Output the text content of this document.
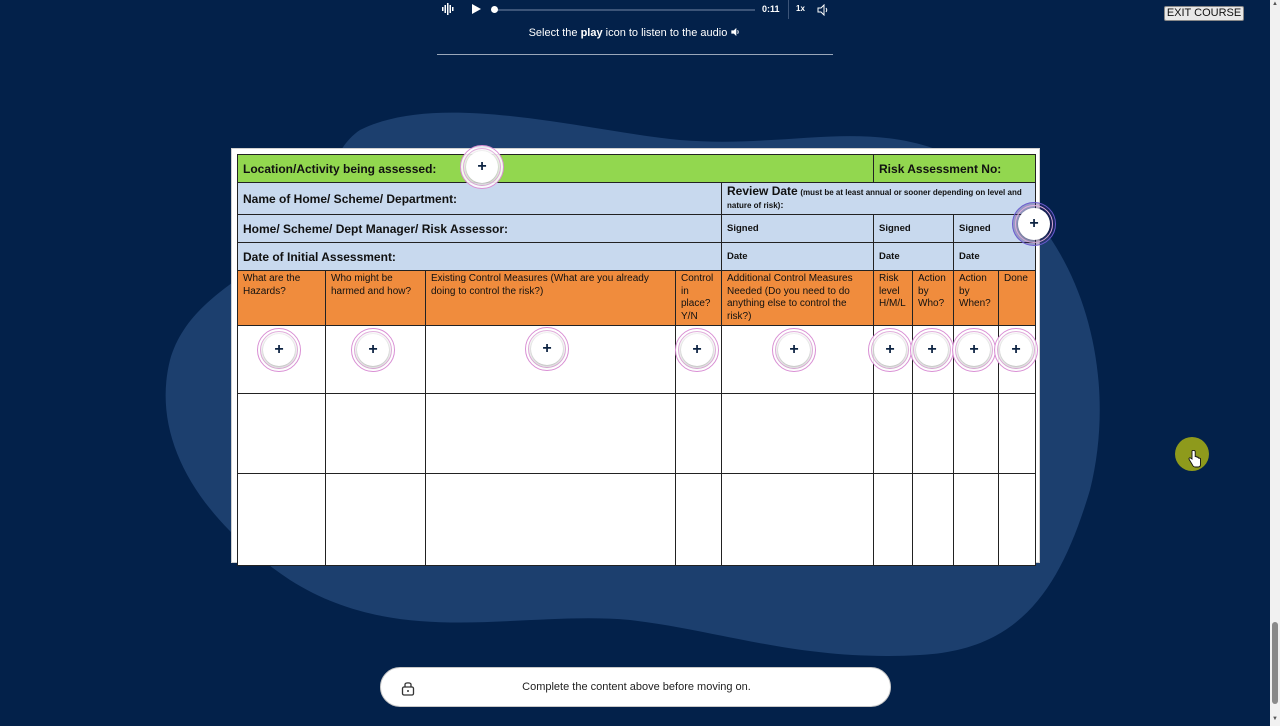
▲
▼
0:11 1x
Select the play icon to listen to the audio
EXIT COURSE
Location/Activity being assessed:					Risk Assessment No:			
Name of Home/ Scheme/ Department:				Review Date (must be at least annual or sooner depending on level and nature of risk):				
Home/ Scheme/ Dept Manager/ Risk Assessor:				Signed	Signed		Signed	
Date of Initial Assessment:				Date	Date		Date	
What are the Hazards?	Who might be harmed and how?	Existing Control Measures (What are you already doing to control the risk?)	Control in place? Y/N	Additional Control Measures Needed (Do you need to do anything else to control the risk?)	Risk level H/M/L	Action by Who?	Action by When?	Done

+
+
+	+	+	+	+	+	+	+	+
Complete the content above before moving on.
